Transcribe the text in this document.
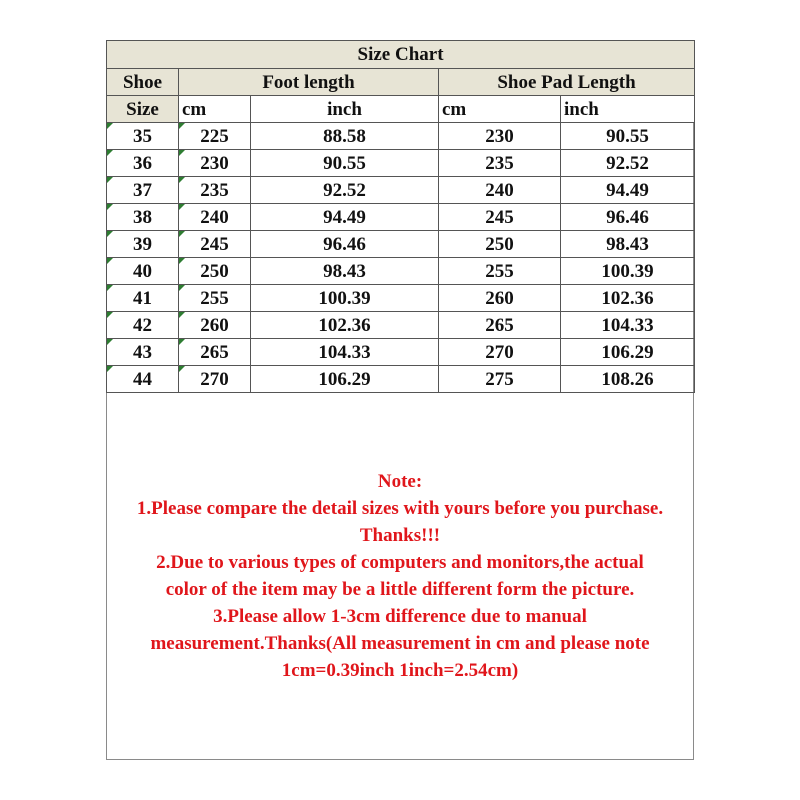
Size Chart				
Shoe	Foot length		Shoe Pad Length	
Size	cm	inch	cm	inch
35	225	88.58	230	90.55
36	230	90.55	235	92.52
37	235	92.52	240	94.49
38	240	94.49	245	96.46
39	245	96.46	250	98.43
40	250	98.43	255	100.39
41	255	100.39	260	102.36
42	260	102.36	265	104.33
43	265	104.33	270	106.29
44	270	106.29	275	108.26
Note:
1.Please compare the detail sizes with yours before you purchase.
Thanks!!!
2.Due to various types of computers and monitors,the actual
color of the item may be a little different form the picture.
3.Please allow 1-3cm difference due to manual
measurement.Thanks(All measurement in cm and please note
1cm=0.39inch 1inch=2.54cm)
